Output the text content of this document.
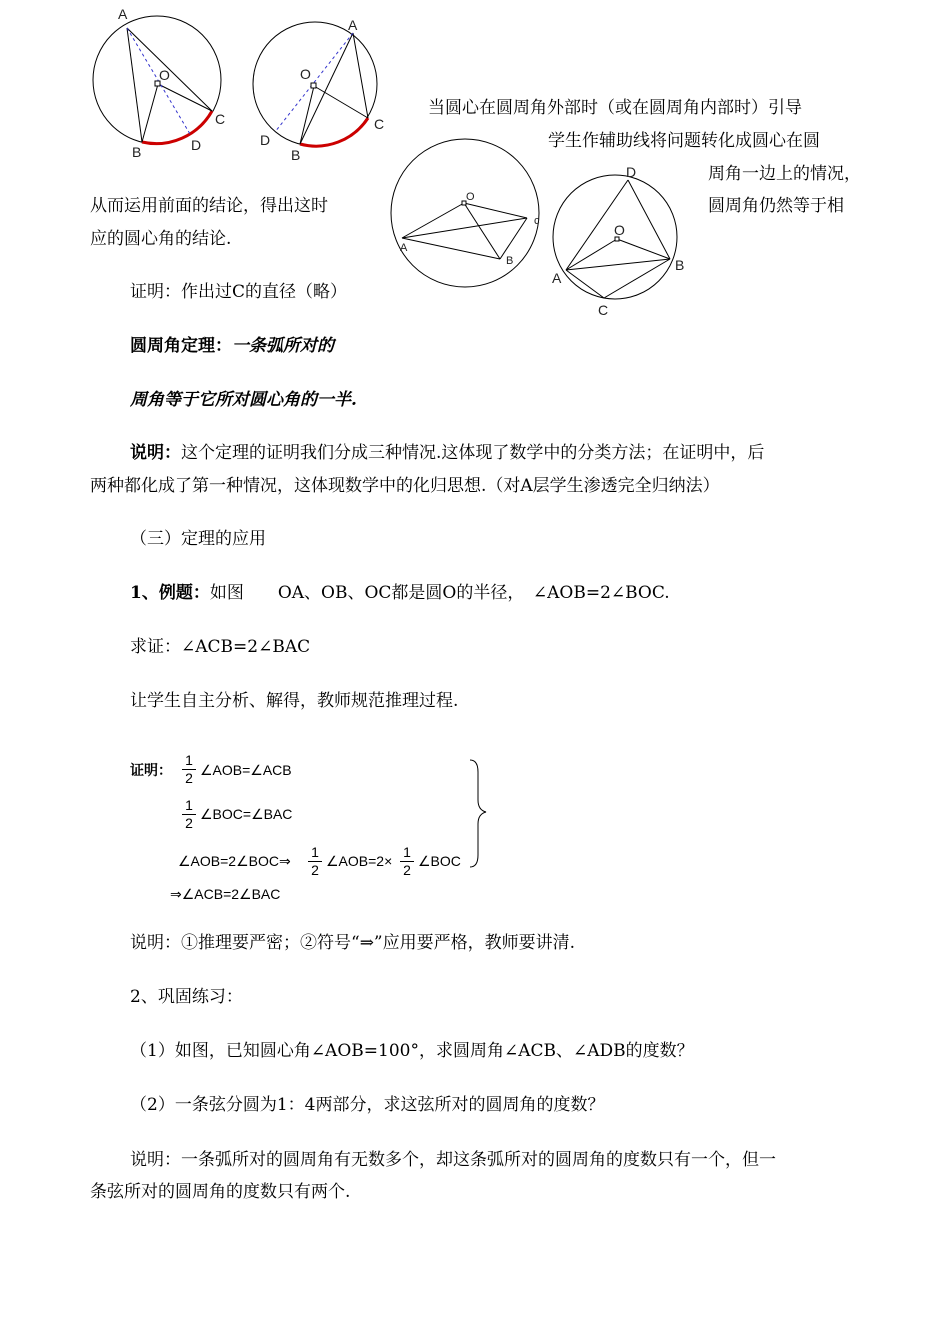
A
O
B
C
D
A
O
B
C
D
A
O
B
c
D
O
A
B
C
当圆心在圆周角外部时（或在圆周角内部时）引导
学生作辅助线将问题转化成圆心在圆
周角一边上的情况，
圆周角仍然等于相
从而运用前面的结论，得出这时
应的圆心角的结论.
证明：作出过C的直径（略）
圆周角定理：一条弧所对的
周角等于它所对圆心角的一半.
说明：这个定理的证明我们分成三种情况.这体现了数学中的分类方法；在证明中，后
两种都化成了第一种情况，这体现数学中的化归思想.（对A层学生渗透完全归纳法）
（三）定理的应用
1、例题：如图　　OA、OB、OC都是圆O的半径，　∠AOB=2∠BOC.
求证：∠ACB=2∠BAC
让学生自主分析、解得，教师规范推理过程.
证明： $\frac{1}{2}$ ∠AOB=∠ACB
$\frac{1}{2}$ ∠BOC=∠BAC
∠AOB=2∠BOC⇒ $\frac{1}{2}$ ∠AOB=2× $\frac{1}{2}$ ∠BOC
⇒∠ACB=2∠BAC
说明：①推理要严密；②符号“⇒”应用要严格，教师要讲清.
2、巩固练习：
（1）如图，已知圆心角∠AOB=100°，求圆周角∠ACB、∠ADB的度数？
（2）一条弦分圆为1：4两部分，求这弦所对的圆周角的度数？
说明：一条弧所对的圆周角有无数多个，却这条弧所对的圆周角的度数只有一个，但一
条弦所对的圆周角的度数只有两个.
